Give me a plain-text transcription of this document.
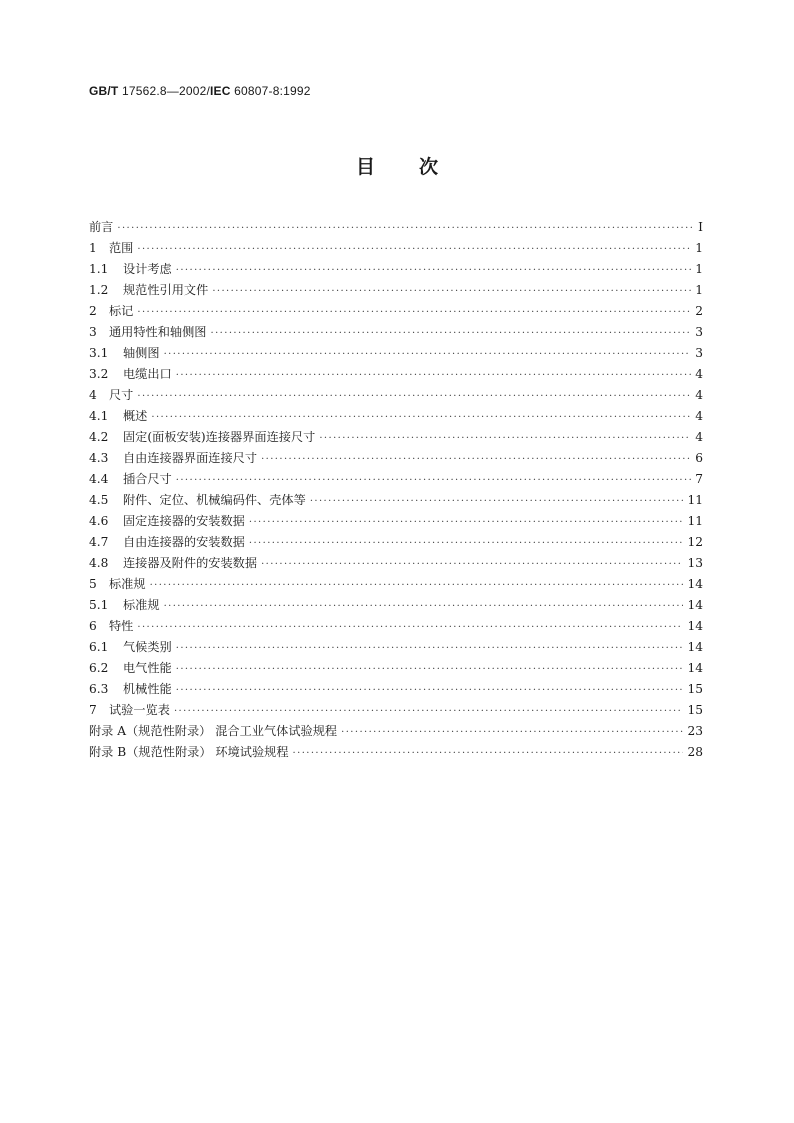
GB/T 17562.8—2002/IEC 60807-8:1992
目 次
前言 ·····	I
1	范围 ·····	1
1.1	设计考虑 ·····	1
1.2	规范性引用文件 ·····	1
2	标记 ·····	2
3	通用特性和轴侧图 ·····	3
3.1	轴侧图 ·····	3
3.2	电缆出口 ·····	4
4	尺寸 ·····	4
4.1	概述 ·····	4
4.2	固定(面板安装)连接器界面连接尺寸 ·····	4
4.3	自由连接器界面连接尺寸 ·····	6
4.4	插合尺寸 ·····	7
4.5	附件、定位、机械编码件、壳体等 ·····	11
4.6	固定连接器的安装数据 ·····	11
4.7	自由连接器的安装数据 ·····	12
4.8	连接器及附件的安装数据 ·····	13
5	标准规 ·····	14
5.1	标准规 ·····	14
6	特性 ·····	14
6.1	气候类别 ·····	14
6.2	电气性能 ·····	14
6.3	机械性能 ·····	15
7	试验一览表 ·····	15
附录 A（规范性附录） 混合工业气体试验规程 ·····	23
附录 B（规范性附录） 环境试验规程 ·····	28
